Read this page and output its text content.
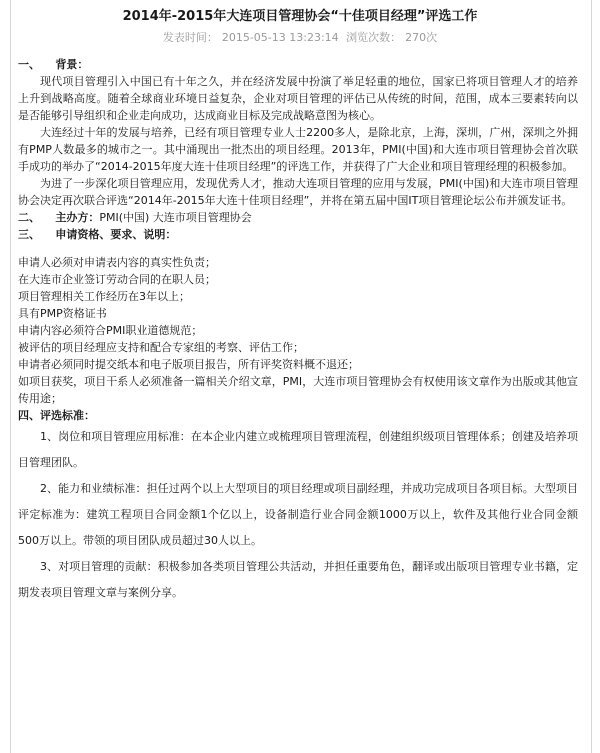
2014年-2015年大连项目管理协会“十佳项目经理”评选工作
发表时间： 2015-05-13 13:23:14 浏览次数： 270次

一、    背景：

现代项目管理引入中国已有十年之久，并在经济发展中扮演了举足轻重的地位，国家已将项目管理人才的培养上升到战略高度。随着全球商业环境日益复杂，企业对项目管理的评估已从传统的时间，范围，成本三要素转向以是否能够引导组织和企业走向成功，达成商业目标及完成战略意图为核心。

大连经过十年的发展与培养，已经有项目管理专业人士2200多人，是除北京，上海，深圳，广州，深圳之外拥有PMP人数最多的城市之一。其中涌现出一批杰出的项目经理。2013年，PMI(中国)和大连市项目管理协会首次联手成功的举办了“2014-2015年度大连十佳项目经理”的评选工作，并获得了广大企业和项目管理经理的积极参加。

为进了一步深化项目管理应用，发现优秀人才，推动大连项目管理的应用与发展，PMI(中国)和大连市项目管理协会决定再次联合评选“2014年-2015年大连十佳项目经理”，并将在第五届中国IT项目管理论坛公布并颁发证书。

二、    主办方：PMI(中国) 大连市项目管理协会

三、    申请资格、要求、说明：

申请人必须对申请表内容的真实性负责；

在大连市企业签订劳动合同的在职人员；

项目管理相关工作经历在3年以上；

具有PMP资格证书

申请内容必须符合PMI职业道德规范；

被评估的项目经理应支持和配合专家组的考察、评估工作；

申请者必须同时提交纸本和电子版项目报告，所有评奖资料概不退还；

如项目获奖，项目干系人必须准备一篇相关介绍文章，PMI，大连市项目管理协会有权使用该文章作为出版或其他宣传用途；

四、评选标准：

1、岗位和项目管理应用标准：在本企业内建立或梳理项目管理流程，创建组织级项目管理体系；创建及培养项目管理团队。

2、能力和业绩标准：担任过两个以上大型项目的项目经理或项目副经理，并成功完成项目各项目标。大型项目评定标准为：建筑工程项目合同金额1个亿以上，设备制造行业合同金额1000万以上，软件及其他行业合同金额500万以上。带领的项目团队成员超过30人以上。

3、对项目管理的贡献：积极参加各类项目管理公共活动，并担任重要角色，翻译或出版项目管理专业书籍，定期发表项目管理文章与案例分享。
